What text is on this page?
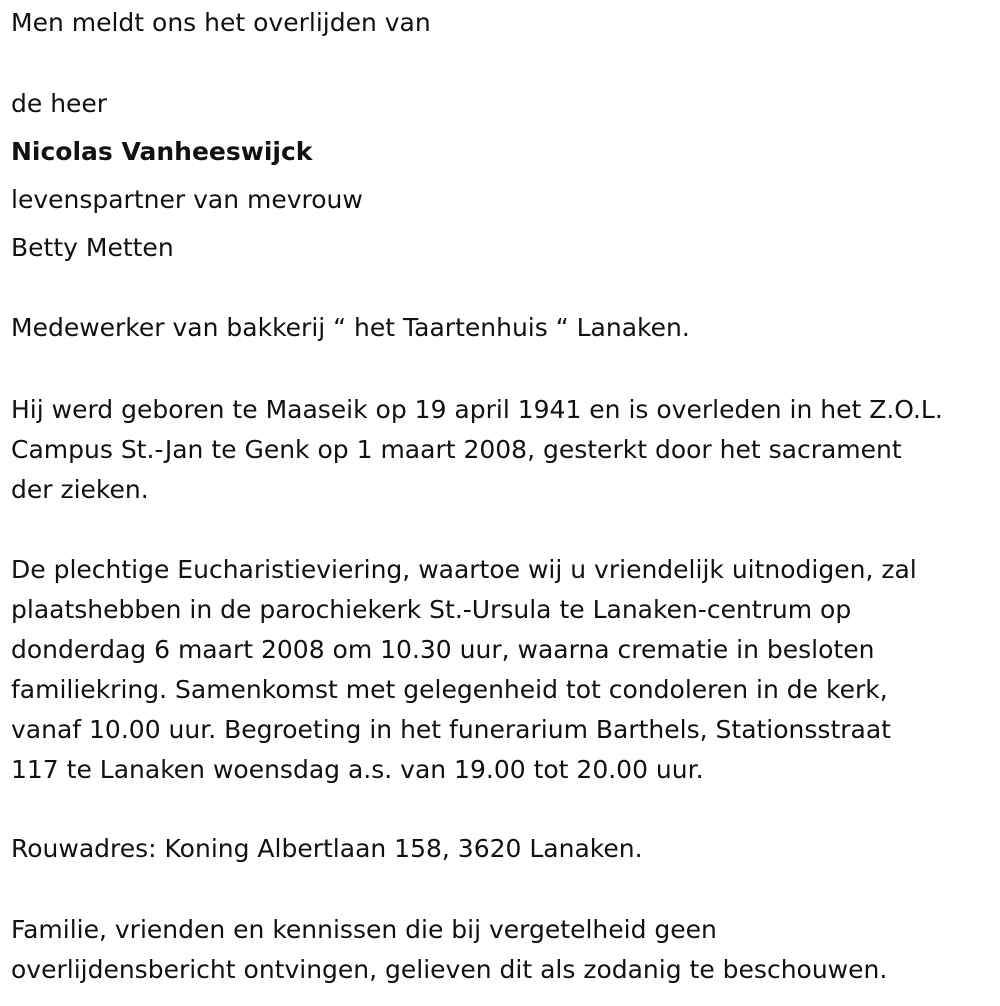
Men meldt ons het overlijden van
de heer
Nicolas Vanheeswijck
levenspartner van mevrouw
Betty Metten
Medewerker van bakkerij “ het Taartenhuis “ Lanaken.
Hij werd geboren te Maaseik op 19 april 1941 en is overleden in het Z.O.L.
Campus St.-Jan te Genk op 1 maart 2008, gesterkt door het sacrament
der zieken.
De plechtige Eucharistieviering, waartoe wij u vriendelijk uitnodigen, zal
plaatshebben in de parochiekerk St.-Ursula te Lanaken-centrum op
donderdag 6 maart 2008 om 10.30 uur, waarna crematie in besloten
familiekring. Samenkomst met gelegenheid tot condoleren in de kerk,
vanaf 10.00 uur. Begroeting in het funerarium Barthels, Stationsstraat
117 te Lanaken woensdag a.s. van 19.00 tot 20.00 uur.
Rouwadres: Koning Albertlaan 158, 3620 Lanaken.
Familie, vrienden en kennissen die bij vergetelheid geen
overlijdensbericht ontvingen, gelieven dit als zodanig te beschouwen.
